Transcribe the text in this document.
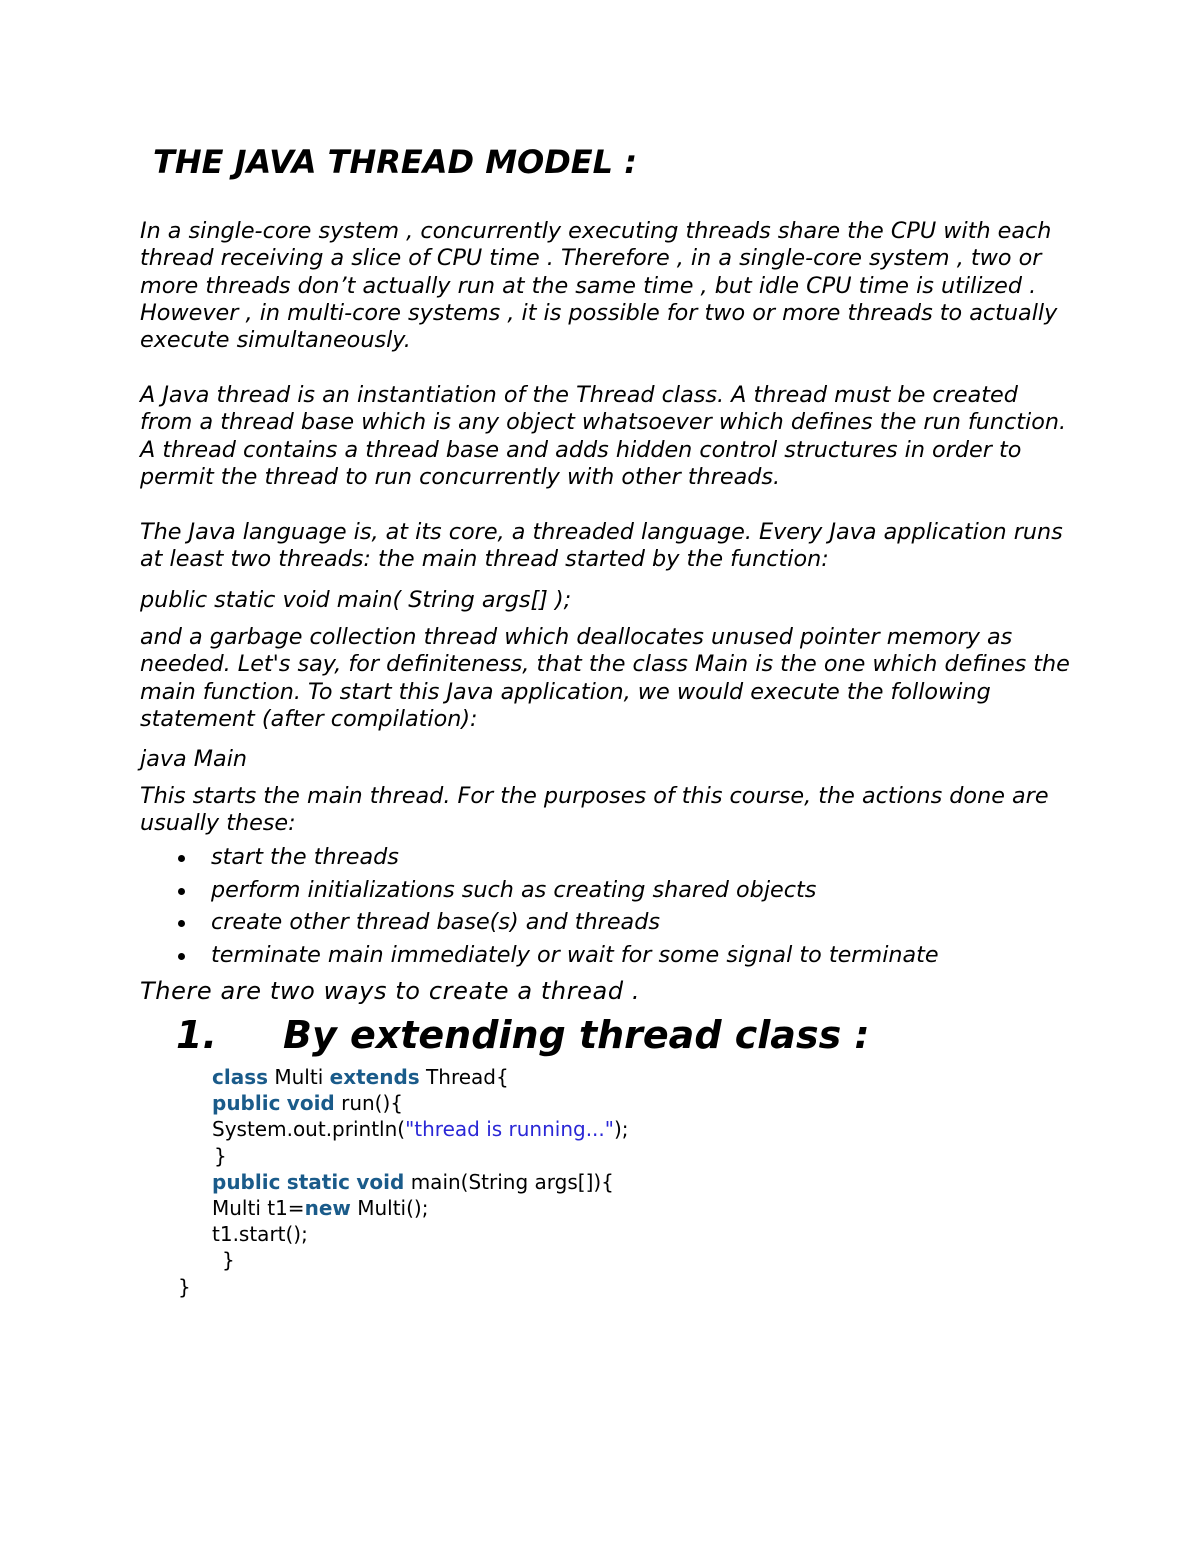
THE JAVA THREAD MODEL :

In a single-core system , concurrently executing threads share the CPU with each thread receiving a slice of CPU time . Therefore , in a single-core system , two or more threads don’t actually run at the same time , but idle CPU time is utilized . However , in multi-core systems , it is possible for two or more threads to actually execute simultaneously.

A Java thread is an instantiation of the Thread class. A thread must be created from a thread base which is any object whatsoever which defines the run function. A thread contains a thread base and adds hidden control structures in order to permit the thread to run concurrently with other threads.

The Java language is, at its core, a threaded language. Every Java application runs at least two threads: the main thread started by the function:

public static void main( String args[] );

and a garbage collection thread which deallocates unused pointer memory as needed. Let's say, for definiteness, that the class Main is the one which defines the main function. To start this Java application, we would execute the following statement (after compilation):

java Main

This starts the main thread. For the purposes of this course, the actions done are usually these:

start the threads
perform initializations such as creating shared objects
create other thread base(s) and threads
terminate main immediately or wait for some signal to terminate

There are two ways to create a thread .

1. By extending thread class :

class Multi extends Thread{

public void run(){

System.out.println("thread is running...");

}

public static void main(String args[]){

Multi t1=new Multi();

t1.start();

}

}
